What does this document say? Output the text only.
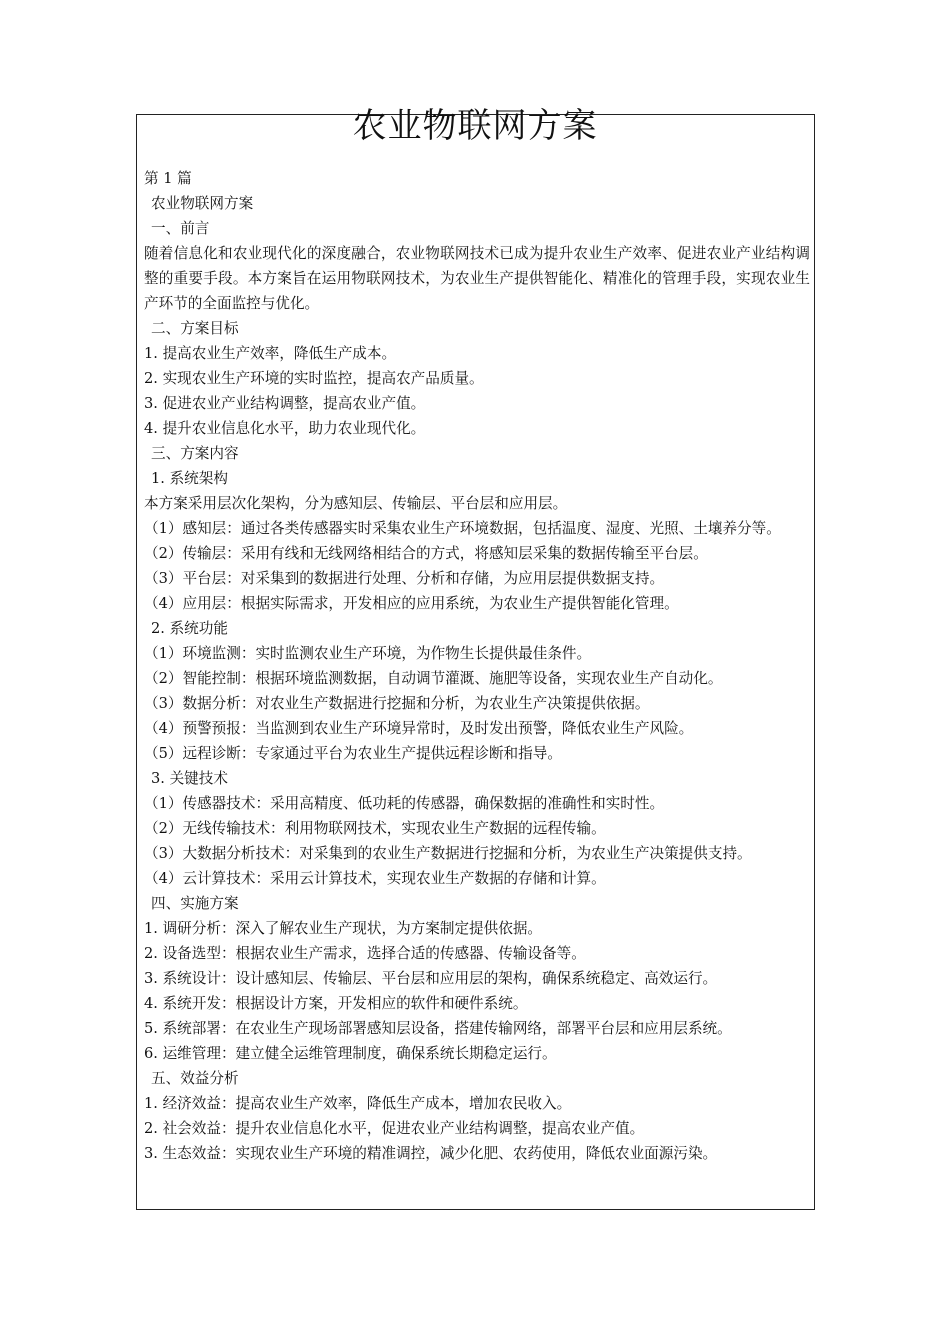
农业物联网方案

第 1 篇

农业物联网方案

一、前言

随着信息化和农业现代化的深度融合，农业物联网技术已成为提升农业生产效率、促进农业产业结构调整的重要手段。本方案旨在运用物联网技术，为农业生产提供智能化、精准化的管理手段，实现农业生产环节的全面监控与优化。

二、方案目标

1. 提高农业生产效率，降低生产成本。

2. 实现农业生产环境的实时监控，提高农产品质量。

3. 促进农业产业结构调整，提高农业产值。

4. 提升农业信息化水平，助力农业现代化。

三、方案内容

1. 系统架构

本方案采用层次化架构，分为感知层、传输层、平台层和应用层。

（1）感知层：通过各类传感器实时采集农业生产环境数据，包括温度、湿度、光照、土壤养分等。

（2）传输层：采用有线和无线网络相结合的方式，将感知层采集的数据传输至平台层。

（3）平台层：对采集到的数据进行处理、分析和存储，为应用层提供数据支持。

（4）应用层：根据实际需求，开发相应的应用系统，为农业生产提供智能化管理。

2. 系统功能

（1）环境监测：实时监测农业生产环境，为作物生长提供最佳条件。

（2）智能控制：根据环境监测数据，自动调节灌溉、施肥等设备，实现农业生产自动化。

（3）数据分析：对农业生产数据进行挖掘和分析，为农业生产决策提供依据。

（4）预警预报：当监测到农业生产环境异常时，及时发出预警，降低农业生产风险。

（5）远程诊断：专家通过平台为农业生产提供远程诊断和指导。

3. 关键技术

（1）传感器技术：采用高精度、低功耗的传感器，确保数据的准确性和实时性。

（2）无线传输技术：利用物联网技术，实现农业生产数据的远程传输。

（3）大数据分析技术：对采集到的农业生产数据进行挖掘和分析，为农业生产决策提供支持。

（4）云计算技术：采用云计算技术，实现农业生产数据的存储和计算。

四、实施方案

1. 调研分析：深入了解农业生产现状，为方案制定提供依据。

2. 设备选型：根据农业生产需求，选择合适的传感器、传输设备等。

3. 系统设计：设计感知层、传输层、平台层和应用层的架构，确保系统稳定、高效运行。

4. 系统开发：根据设计方案，开发相应的软件和硬件系统。

5. 系统部署：在农业生产现场部署感知层设备，搭建传输网络，部署平台层和应用层系统。

6. 运维管理：建立健全运维管理制度，确保系统长期稳定运行。

五、效益分析

1. 经济效益：提高农业生产效率，降低生产成本，增加农民收入。

2. 社会效益：提升农业信息化水平，促进农业产业结构调整，提高农业产值。

3. 生态效益：实现农业生产环境的精准调控，减少化肥、农药使用，降低农业面源污染。
